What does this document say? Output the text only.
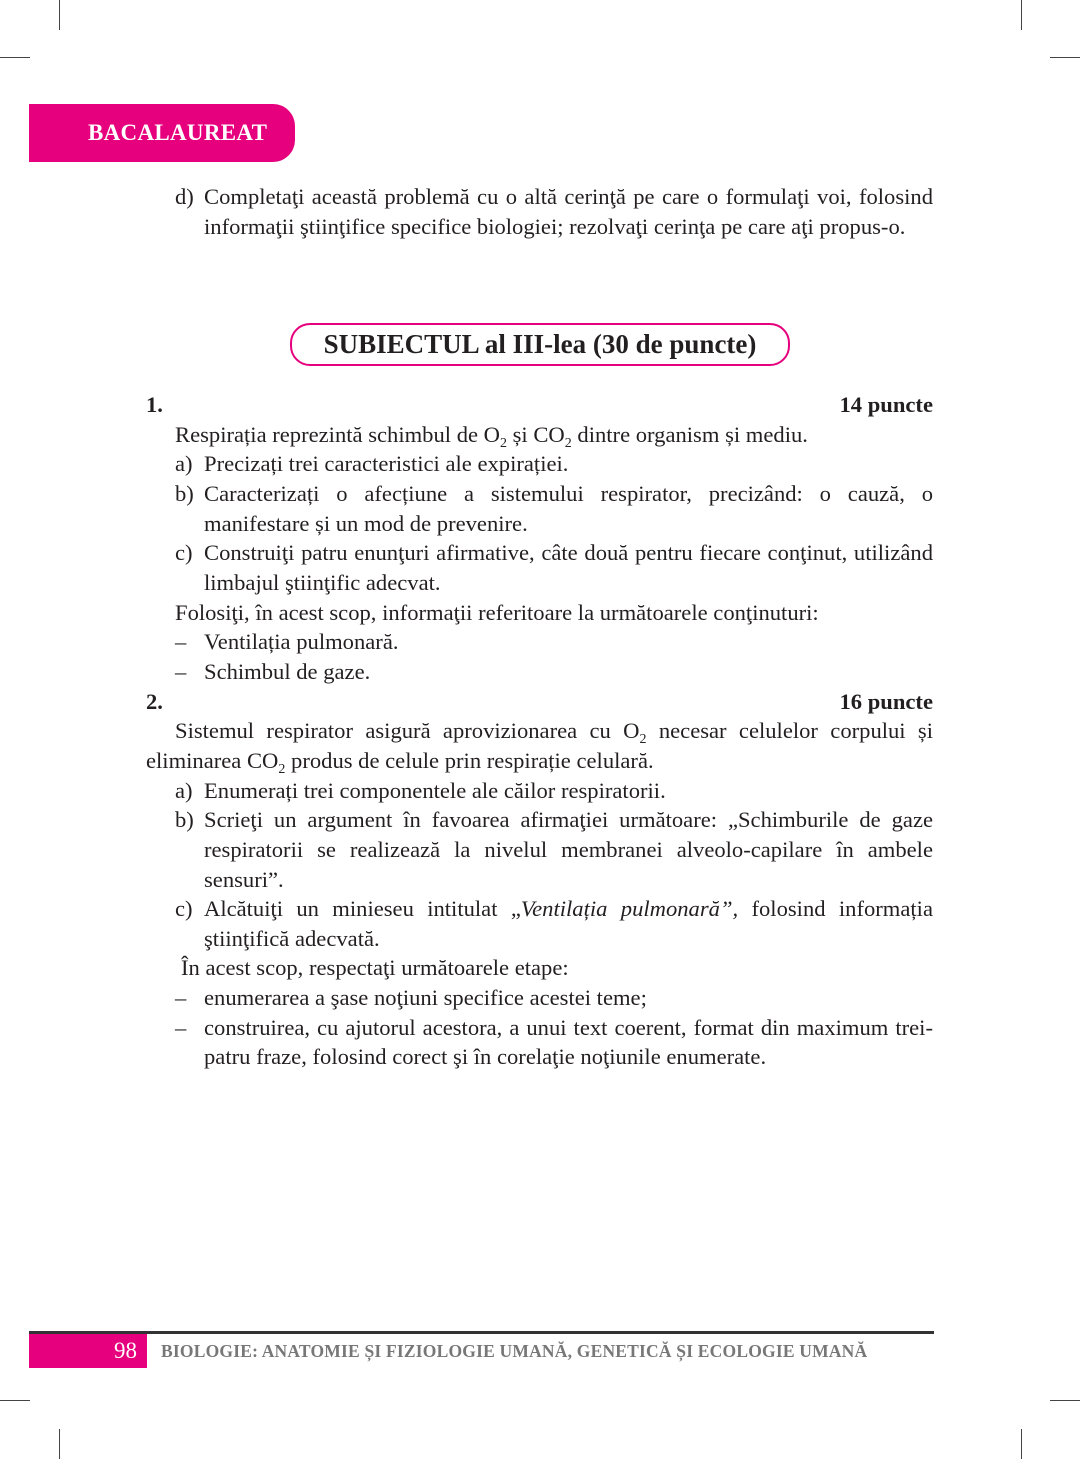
BACALAUREAT
d) Completaţi această problemă cu o altă cerinţă pe care o formulaţi voi, folosind informaţii ştiinţifice specifice biologiei; rezolvaţi cerinţa pe care aţi propus-o.
SUBIECTUL al III-lea (30 de puncte)
1.	14 puncte
Respirația reprezintă schimbul de $O_2$ și $CO_2$ dintre organism și mediu.
a) Precizați trei caracteristici ale expirației.
b) Caracterizați o afecțiune a sistemului respirator, precizând: o cauză, o manifestare și un mod de prevenire.
c) Construiţi patru enunţuri afirmative, câte două pentru fiecare conţinut, utilizând limbajul ştiinţific adecvat.
Folosiţi, în acest scop, informaţii referitoare la următoarele conţinuturi:
– Ventilația pulmonară.
– Schimbul de gaze.
2.	16 puncte
Sistemul respirator asigură aprovizionarea cu $O_2$ necesar celulelor corpului și eliminarea $CO_2$ produs de celule prin respirație celulară.
a) Enumerați trei componentele ale căilor respiratorii.
b) Scrieţi un argument în favoarea afirmaţiei următoare: „Schimburile de gaze respiratorii se realizează la nivelul membranei alveolo-capilare în ambele sensuri”.
c) Alcătuiţi un minieseu intitulat „Ventilația pulmonară”, folosind informația ştiinţifică adecvată.
În acest scop, respectaţi următoarele etape:
– enumerarea a şase noţiuni specifice acestei teme;
– construirea, cu ajutorul acestora, a unui text coerent, format din maximum trei-patru fraze, folosind corect şi în corelaţie noţiunile enumerate.
98	BIOLOGIE: ANATOMIE ȘI FIZIOLOGIE UMANĂ, GENETICĂ ȘI ECOLOGIE UMANĂ
